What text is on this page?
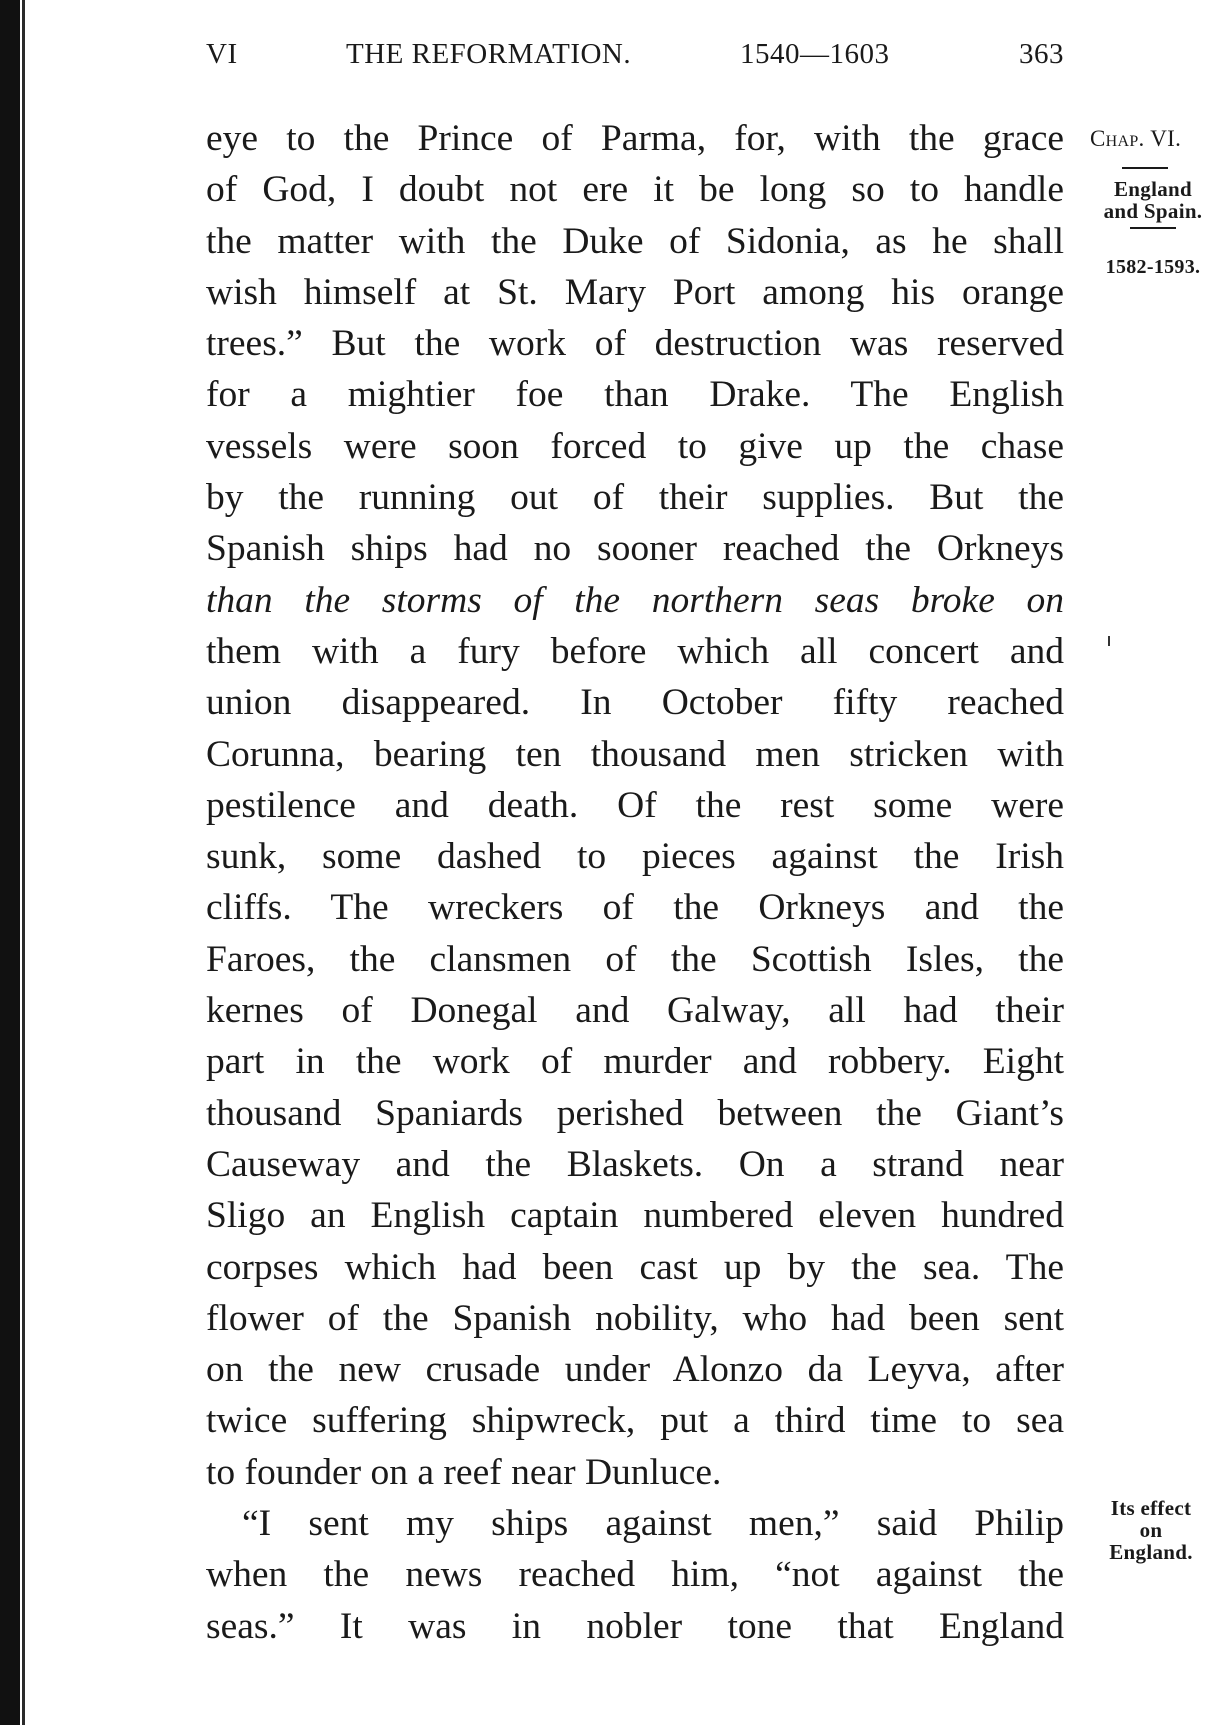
VI	THE REFORMATION.	1540—1603	363
Chap. VI.
England
and Spain.
1582-1593.
Its effect
on
England.
eye to the Prince of Parma, for, with the grace
of God, I doubt not ere it be long so to handle
the matter with the Duke of Sidonia, as he shall
wish himself at St. Mary Port among his orange
trees.” But the work of destruction was reserved
for a mightier foe than Drake. The English
vessels were soon forced to give up the chase
by the running out of their supplies. But the
Spanish ships had no sooner reached the Orkneys
than the storms of the northern seas broke on
them with a fury before which all concert and
union disappeared. In October fifty reached
Corunna, bearing ten thousand men stricken with
pestilence and death. Of the rest some were
sunk, some dashed to pieces against the Irish
cliffs. The wreckers of the Orkneys and the
Faroes, the clansmen of the Scottish Isles, the
kernes of Donegal and Galway, all had their
part in the work of murder and robbery. Eight
thousand Spaniards perished between the Giant’s
Causeway and the Blaskets. On a strand near
Sligo an English captain numbered eleven hundred
corpses which had been cast up by the sea. The
flower of the Spanish nobility, who had been sent
on the new crusade under Alonzo da Leyva, after
twice suffering shipwreck, put a third time to sea
to founder on a reef near Dunluce.
“I sent my ships against men,” said Philip
when the news reached him, “not against the
seas.” It was in nobler tone that England
